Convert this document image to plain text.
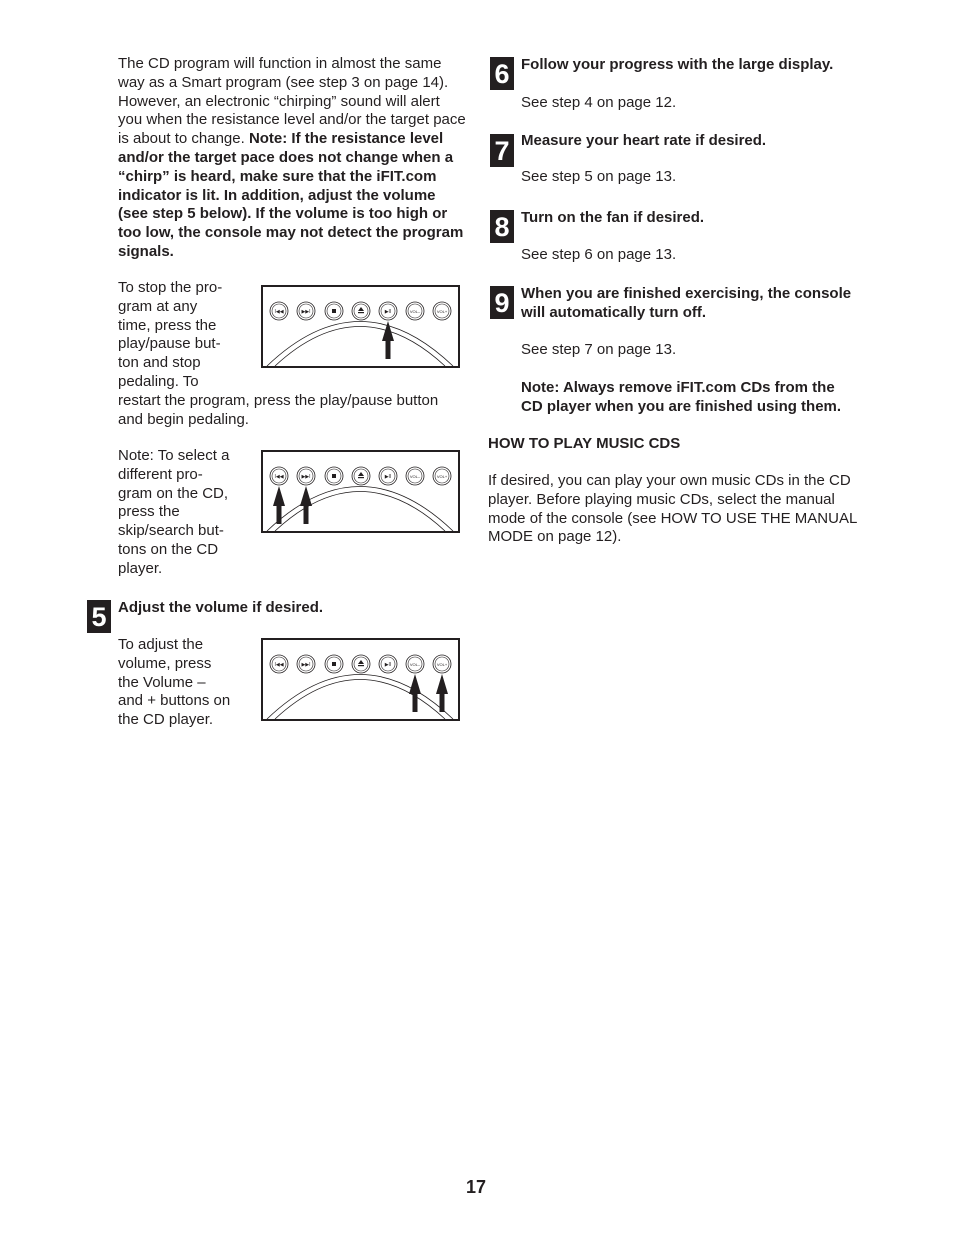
The CD program will function in almost the same way as a Smart program (see step 3 on page 14). However, an electronic “chirping” sound will alert you when the resistance level and/or the target pace is about to change. Note: If the resistance level and/or the target pace does not change when a “chirp” is heard, make sure that the iFIT.com indicator is lit. In addition, adjust the volume (see step 5 below). If the volume is too high or too low, the console may not detect the program signals.
To stop the pro-
gram at any
time, press the
play/pause but-
ton and stop
pedaling. To
restart the program, press the play/pause button
and begin pedaling.
Note: To select a
different pro-
gram on the CD,
press the
skip/search but-
tons on the CD
player.
5 Adjust the volume if desired.
To adjust the
volume, press
the Volume –
and + buttons on
the CD player.
I◀◀	▶▶I	▶II	VOL–	VOL+
I◀◀	▶▶I	▶II	VOL–	VOL+
I◀◀	▶▶I	▶II	VOL–	VOL+
6 Follow your progress with the large display.
See step 4 on page 12.
7 Measure your heart rate if desired.
See step 5 on page 13.
8 Turn on the fan if desired.
See step 6 on page 13.
9 When you are finished exercising, the console
will automatically turn off.
See step 7 on page 13.
Note: Always remove iFIT.com CDs from the
CD player when you are finished using them.
HOW TO PLAY MUSIC CDS
If desired, you can play your own music CDs in the CD
player. Before playing music CDs, select the manual
mode of the console (see HOW TO USE THE MANUAL
MODE on page 12).
17
